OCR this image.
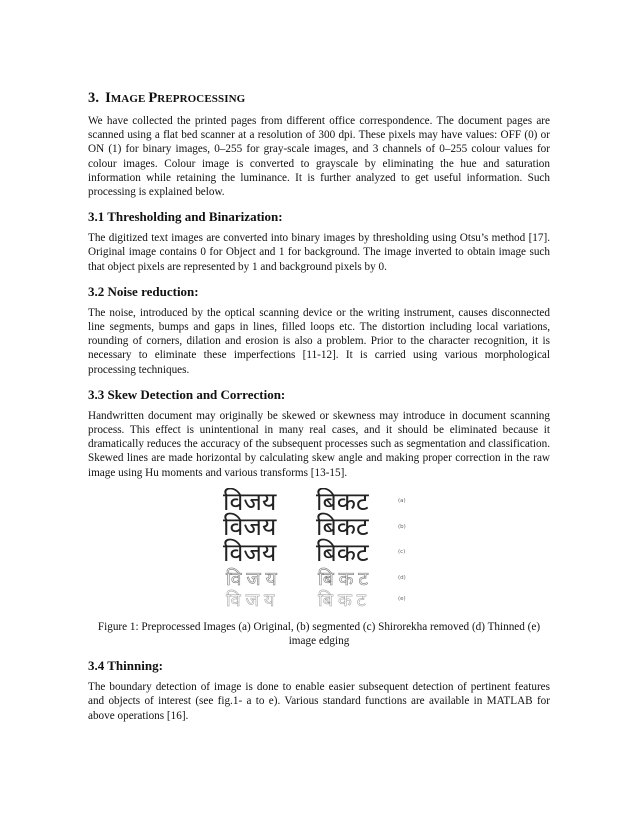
3. IMAGE PREPROCESSING

We have collected the printed pages from different office correspondence. The document pages are scanned using a flat bed scanner at a resolution of 300 dpi. These pixels may have values: OFF (0) or ON (1) for binary images, 0–255 for gray-scale images, and 3 channels of 0–255 colour values for colour images. Colour image is converted to grayscale by eliminating the hue and saturation information while retaining the luminance. It is further analyzed to get useful information. Such processing is explained below.

3.1 Thresholding and Binarization:

The digitized text images are converted into binary images by thresholding using Otsu’s method [17]. Original image contains 0 for Object and 1 for background. The image inverted to obtain image such that object pixels are represented by 1 and background pixels by 0.

3.2 Noise reduction:

The noise, introduced by the optical scanning device or the writing instrument, causes disconnected line segments, bumps and gaps in lines, filled loops etc. The distortion including local variations, rounding of corners, dilation and erosion is also a problem. Prior to the character recognition, it is necessary to eliminate these imperfections [11-12]. It is carried using various morphological processing techniques.

3.3 Skew Detection and Correction:

Handwritten document may originally be skewed or skewness may introduce in document scanning process. This effect is unintentional in many real cases, and it should be eliminated because it dramatically reduces the accuracy of the subsequent processes such as segmentation and classification. Skewed lines are made horizontal by calculating skew angle and making proper correction in the raw image using Hu moments and various transforms [13-15].

विजय बिकट	(a)
विजय बिकट	(b)
विजय बिकट	(c)
विजय बिकट	(d)
विजय बिकट	(e)

Figure 1: Preprocessed Images (a) Original, (b) segmented (c) Shirorekha removed (d) Thinned (e) image edging

3.4 Thinning:

The boundary detection of image is done to enable easier subsequent detection of pertinent features and objects of interest (see fig.1- a to e). Various standard functions are available in MATLAB for above operations [16].
